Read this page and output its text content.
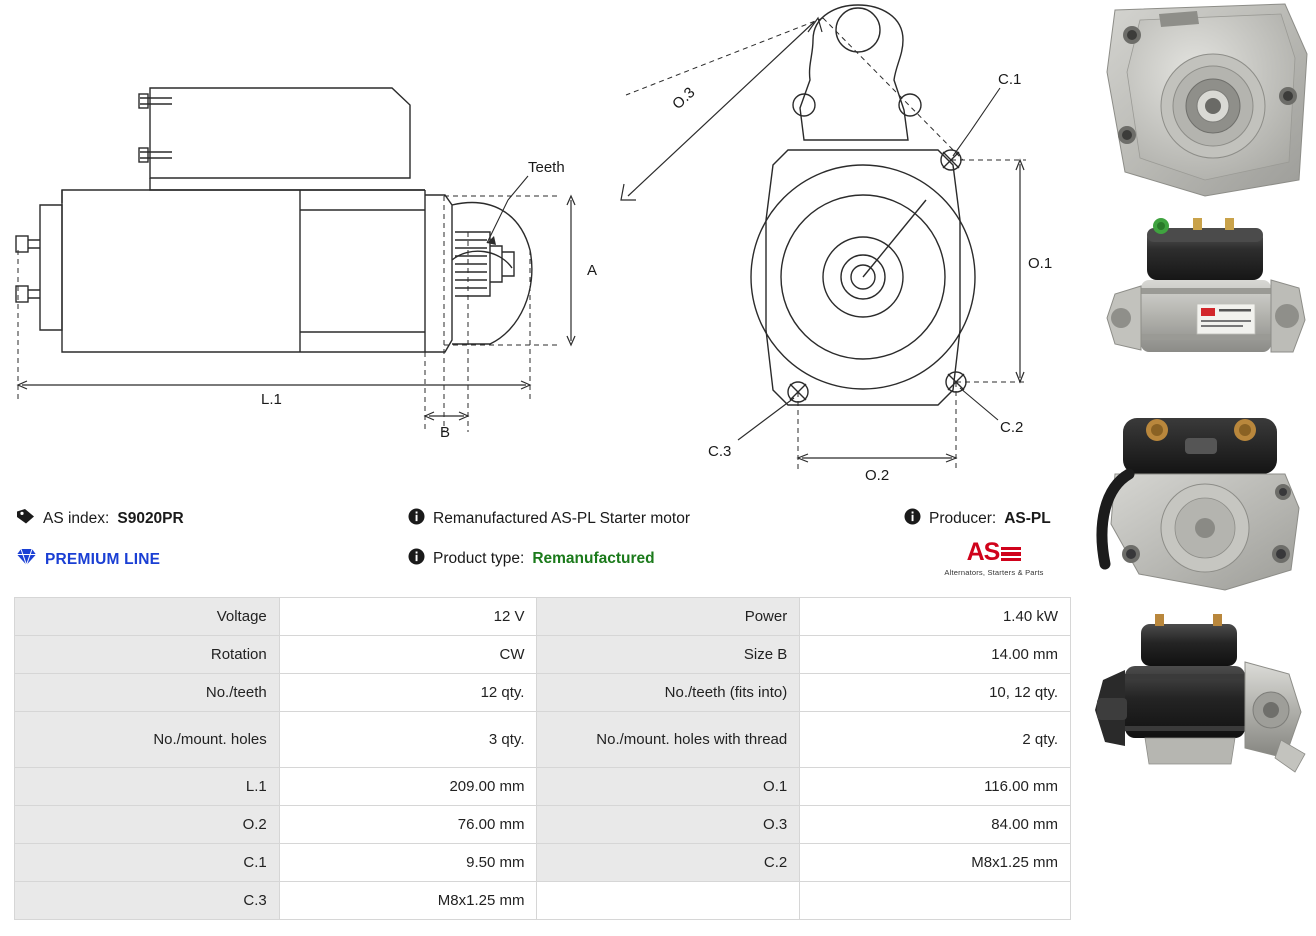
A
L.1
B
Teeth
O.3
O.1
O.2
C.1
C.2
C.3
AS index: S9020PR
PREMIUM LINE
Remanufactured AS-PL Starter motor
Product type: Remanufactured
Producer: AS-PL
AS
Alternators, Starters & Parts
Voltage	12 V	Power	1.40 kW
Rotation	CW	Size B	14.00 mm
No./teeth	12 qty.	No./teeth (fits into)	10, 12 qty.
No./mount. holes	3 qty.	No./mount. holes with thread	2 qty.
L.1	209.00 mm	O.1	116.00 mm
O.2	76.00 mm	O.3	84.00 mm
C.1	9.50 mm	C.2	M8x1.25 mm
C.3	M8x1.25 mm		
